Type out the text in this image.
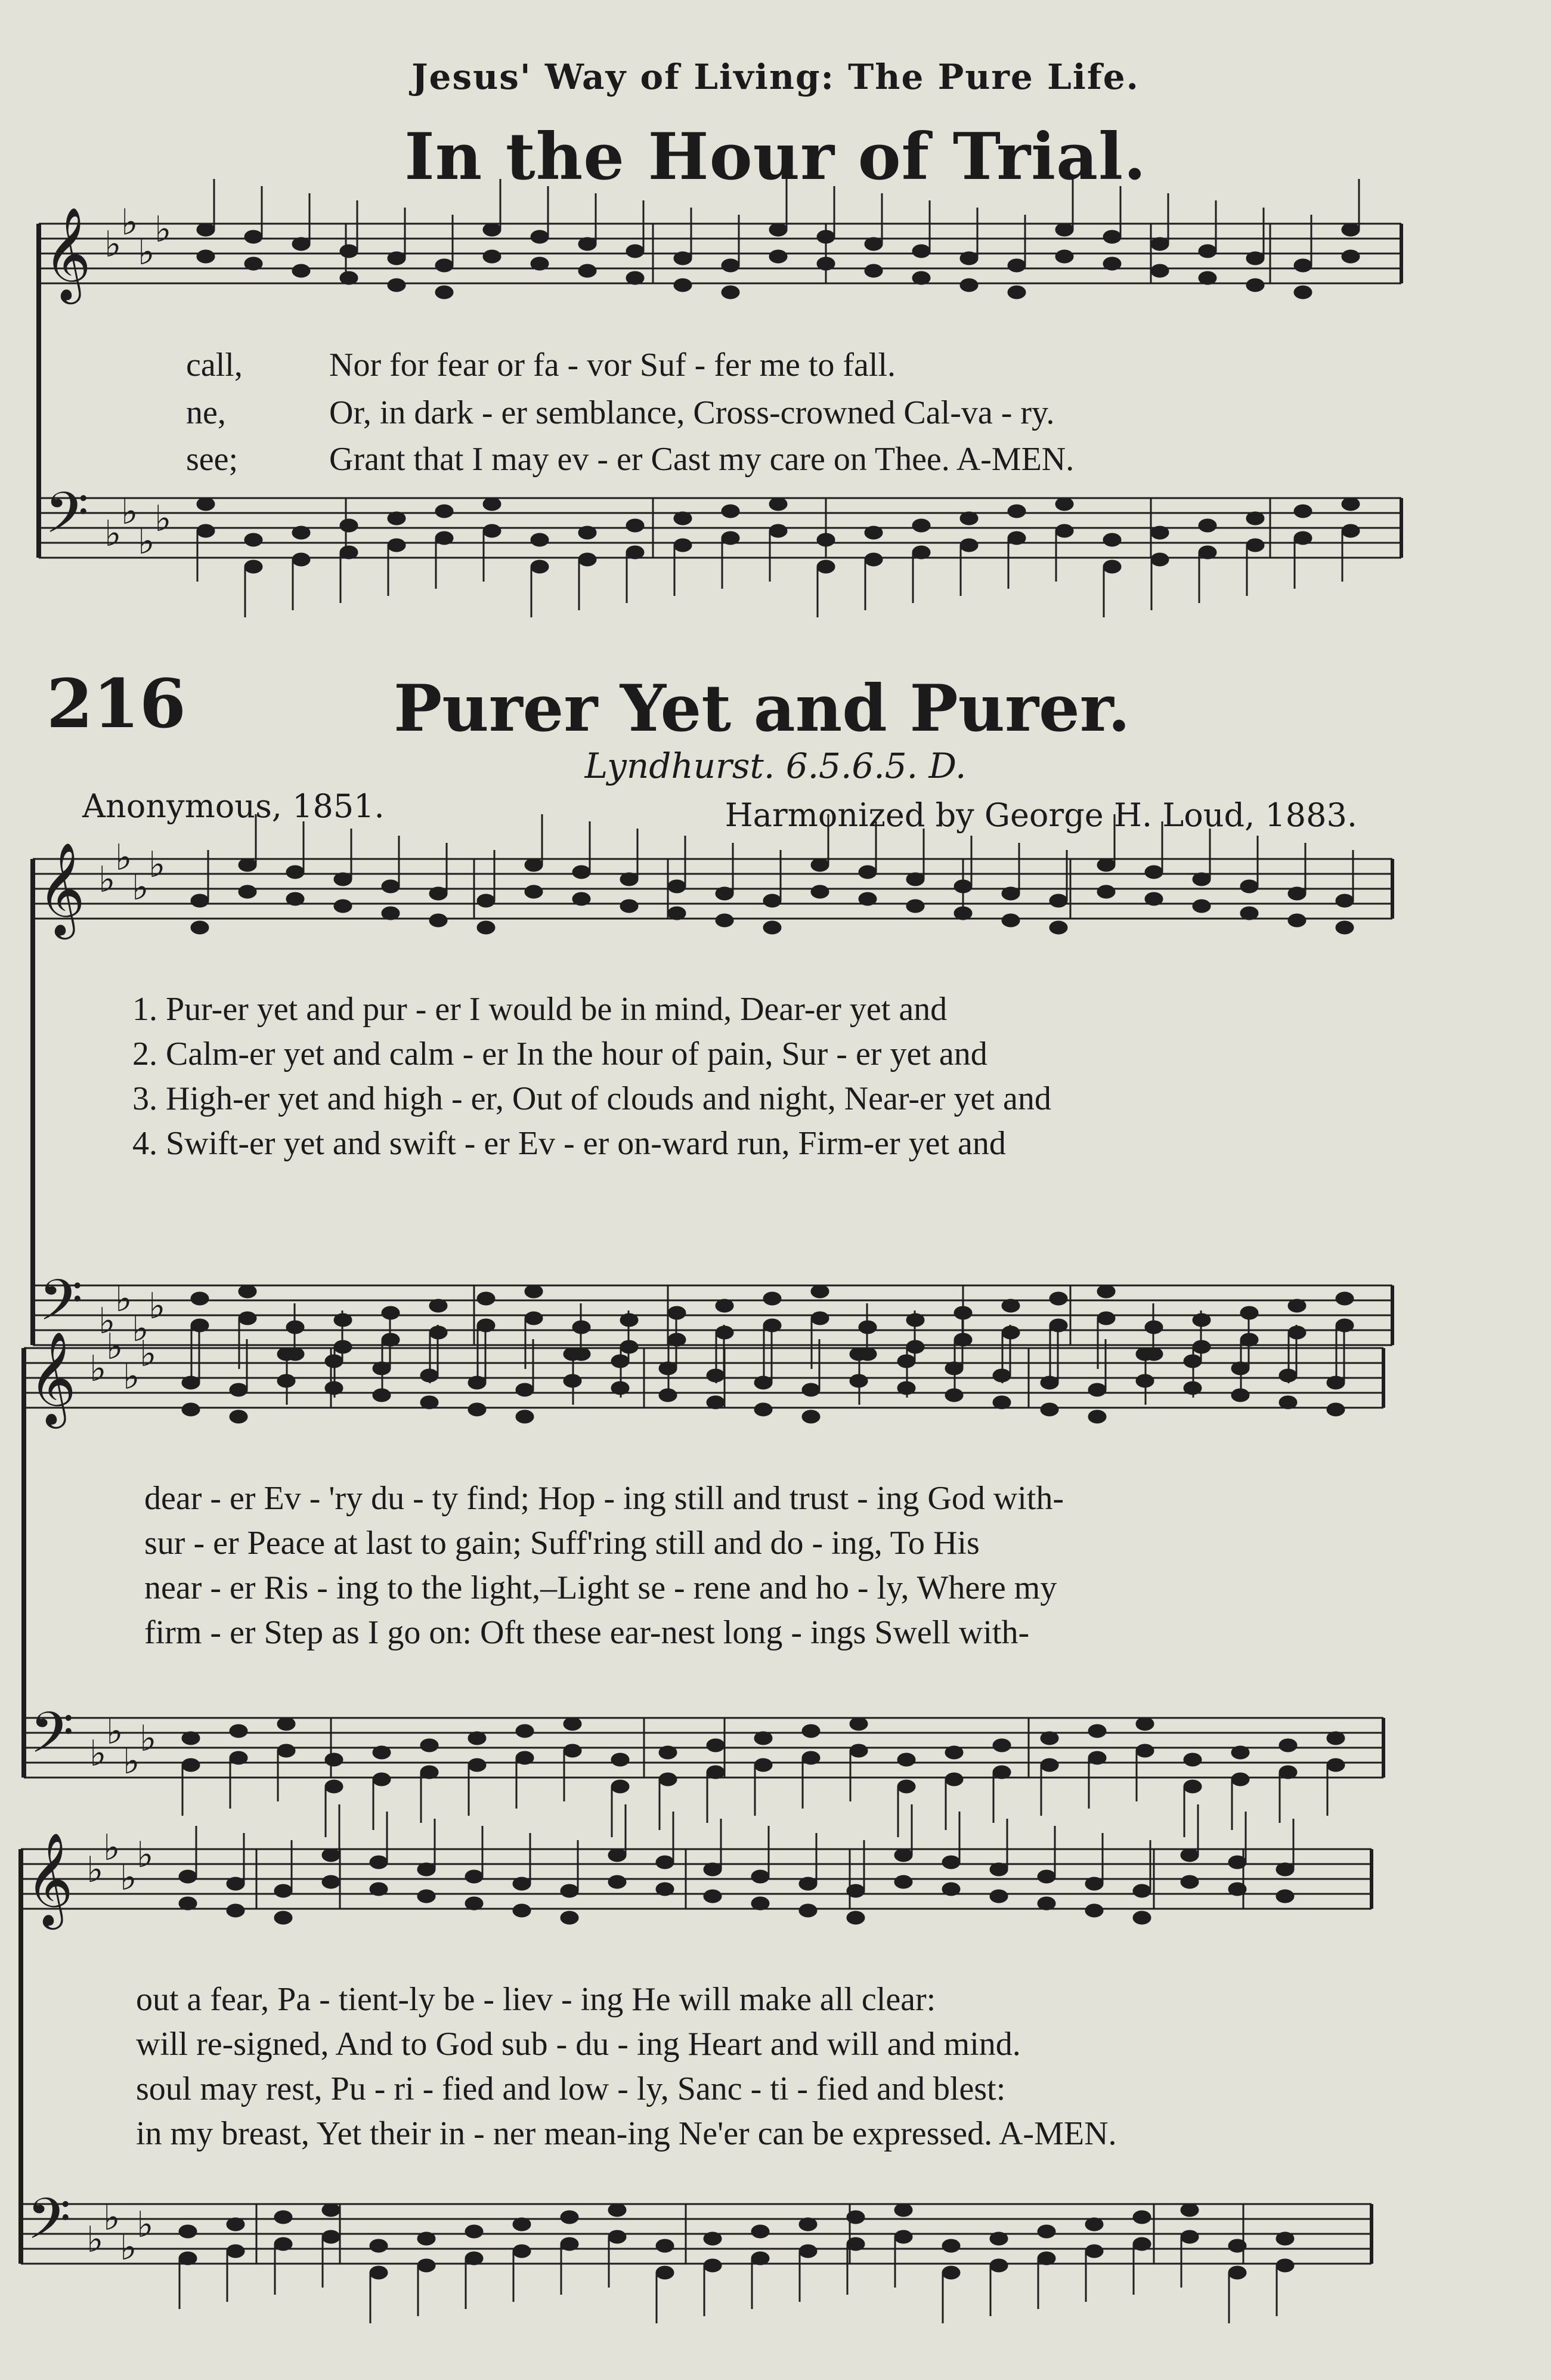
Jesus' Way of Living: The Pure Life.
In the Hour of Trial.
call,	Nor for fear or fa - vor Suf - fer me to fall.
ne,	Or, in dark - er semblance, Cross-crowned Cal-va - ry.
see;	Grant that I may ev - er Cast my care on Thee. A-MEN.
216	Purer Yet and Purer.
Lyndhurst. 6.5.6.5. D.
Anonymous, 1851.	Harmonized by George H. Loud, 1883.
1. Pur-er yet and pur - er I would be in mind, Dear-er yet and
2. Calm-er yet and calm - er In the hour of pain, Sur - er yet and
3. High-er yet and high - er, Out of clouds and night, Near-er yet and
4. Swift-er yet and swift - er Ev - er on-ward run, Firm-er yet and
dear - er Ev - 'ry du - ty find; Hop - ing still and trust - ing God with-
sur - er Peace at last to gain; Suff'ring still and do - ing, To His
near - er Ris - ing to the light,–Light se - rene and ho - ly, Where my
firm - er Step as I go on: Oft these ear-nest long - ings Swell with-
out a fear, Pa - tient-ly be - liev - ing He will make all clear:
will re-signed, And to God sub - du - ing Heart and will and mind.
soul may rest, Pu - ri - fied and low - ly, Sanc - ti - fied and blest:
in my breast, Yet their in - ner mean-ing Ne'er can be expressed. A-MEN.
𝄞
𝄢
♭
♭
♭
♭
♭
♭
♭
♭
𝄞
𝄢
♭
♭
♭
♭
♭
♭
♭
♭
𝄞
𝄢
♭
♭
♭
♭
♭
♭
♭
♭
𝄞
𝄢
♭
♭
♭
♭
♭
♭
♭
♭
